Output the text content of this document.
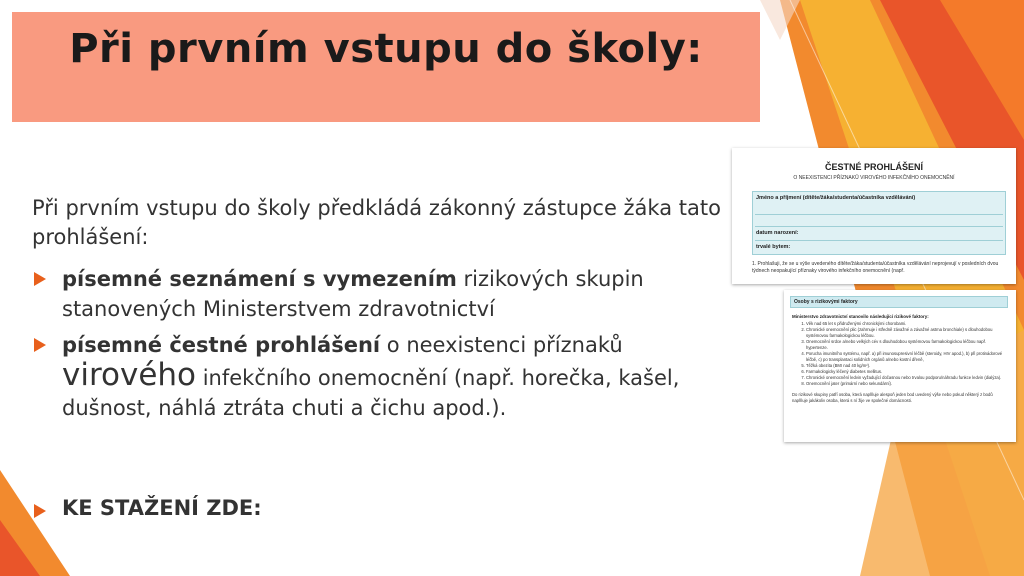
Při prvním vstupu do školy:

Při prvním vstupu do školy předkládá zákonný zástupce žáka tato prohlášení:

písemné seznámení s vymezením rizikových skupin stanovených Ministerstvem zdravotnictví
písemné čestné prohlášení o neexistenci příznaků virového infekčního onemocnění (např. horečka, kašel, dušnost, náhlá ztráta chuti a čichu apod.).

KE STAŽENÍ ZDE:

ČESTNÉ PROHLÁŠENÍ
O NEEXISTENCI PŘÍZNAKŮ VIROVÉHO INFEKČNÍHO ONEMOCNĚNÍ
Jméno a příjmení (dítěte/žáka/studenta/účastníka vzdělávání)
datum narození:
trvalé bytem:
1. Prohlašuji, že se u výše uvedeného dítěte/žáka/studenta/účastníka vzdělávání neprojevují v posledních dvou týdnech neopakující příznaky virového infekčního onemocnění (např.
Osoby s rizikovými faktory
Ministerstvo zdravotnictví stanovilo následující rizikové faktory:
1. Věk nad 65 let s přidruženými chronickými chorobami.
2. Chronické onemocnění plic (zahrnuje i středně závažné a závažné astma bronchiale) s dlouhodobou systémovou farmakologickou léčbou.
3. Onemocnění srdce a/nebo velkých cév s dlouhodobou systémovou farmakologickou léčbou např. hypertenze.
4. Porucha imunitního systému, např. a) při imunosupresivní léčbě (steroidy, HIV apod.), b) při protinádorové léčbě, c) po transplantaci solidních orgánů a/nebo kostní dřeně,
5. Těžká obezita (BMI nad 40 kg/m²).
6. Farmakologicky léčený diabetes mellitus.
7. Chronické onemocnění ledvin vyžadující dočasnou nebo trvalou podporu/náhradu funkce ledvin (dialýza).
8. Onemocnění jater (primární nebo sekundární).
Do rizikové skupiny patří osoba, která naplňuje alespoň jeden bod uvedený výše nebo pokud některý z bodů naplňuje jakákoliv osoba, která s ní žije ve společné domácnosti.
